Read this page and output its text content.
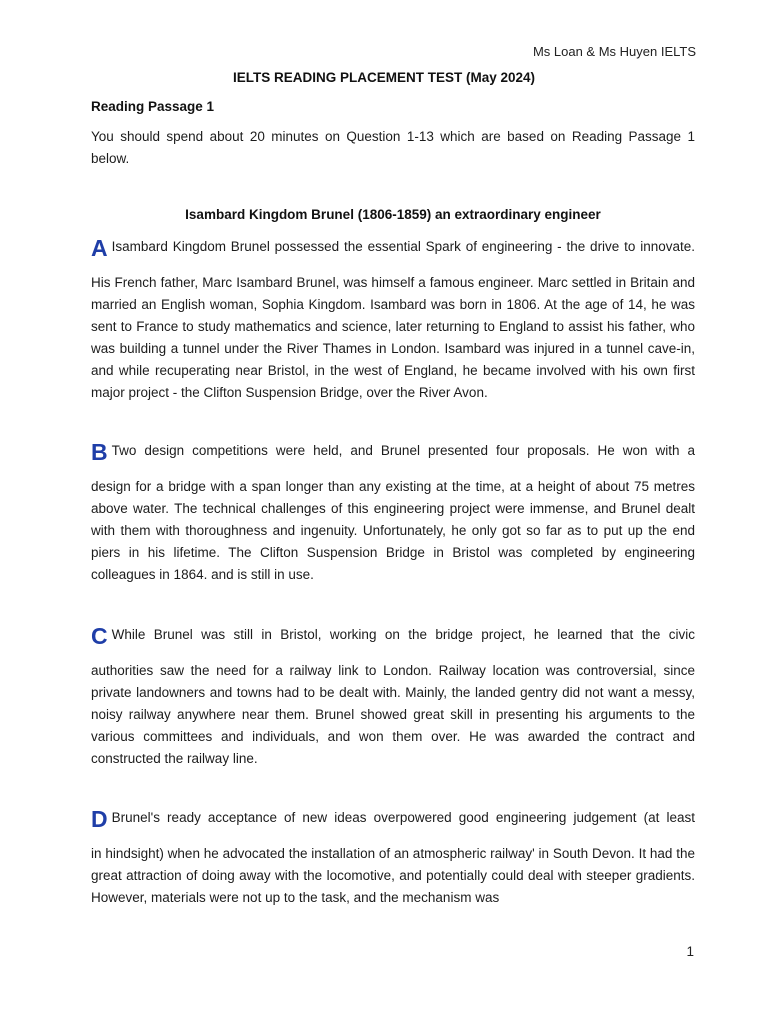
Ms Loan & Ms Huyen IELTS
IELTS READING PLACEMENT TEST (May 2024)
Reading Passage 1

You should spend about 20 minutes on Question 1-13 which are based on Reading Passage 1 below.

Isambard Kingdom Brunel (1806-1859) an extraordinary engineer
A Isambard Kingdom Brunel possessed the essential Spark of engineering - the drive to innovate.

His French father, Marc Isambard Brunel, was himself a famous engineer. Marc settled in Britain and married an English woman, Sophia Kingdom. Isambard was born in 1806. At the age of 14, he was sent to France to study mathematics and science, later returning to England to assist his father, who was building a tunnel under the River Thames in London. Isambard was injured in a tunnel cave-in, and while recuperating near Bristol, in the west of England, he became involved with his own first major project - the Clifton Suspension Bridge, over the River Avon.

B Two design competitions were held, and Brunel presented four proposals. He won with a

design for a bridge with a span longer than any existing at the time, at a height of about 75 metres above water. The technical challenges of this engineering project were immense, and Brunel dealt with them with thoroughness and ingenuity. Unfortunately, he only got so far as to put up the end piers in his lifetime. The Clifton Suspension Bridge in Bristol was completed by engineering colleagues in 1864. and is still in use.

C While Brunel was still in Bristol, working on the bridge project, he learned that the civic

authorities saw the need for a railway link to London. Railway location was controversial, since private landowners and towns had to be dealt with. Mainly, the landed gentry did not want a messy, noisy railway anywhere near them. Brunel showed great skill in presenting his arguments to the various committees and individuals, and won them over. He was awarded the contract and constructed the railway line.

D Brunel's ready acceptance of new ideas overpowered good engineering judgement (at least

in hindsight) when he advocated the installation of an atmospheric railway' in South Devon. It had the great attraction of doing away with the locomotive, and potentially could deal with steeper gradients. However, materials were not up to the task, and the mechanism was

1
